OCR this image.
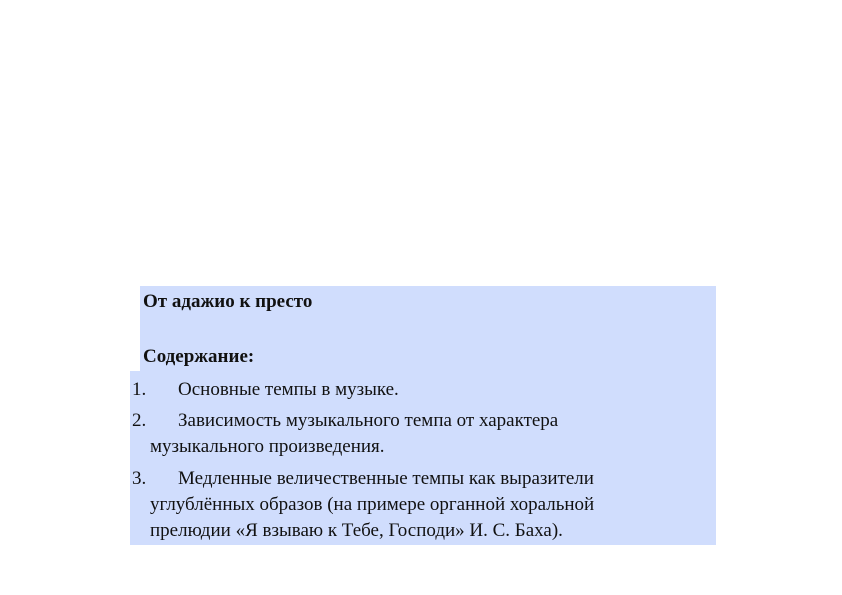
От адажио к престо
Содержание:
1.	Основные темпы в музыке.
2.	Зависимость музыкального темпа от характера
музыкального произведения.
3.	Медленные величественные темпы как выразители
углублённых образов (на примере органной хоральной
прелюдии «Я взываю к Тебе, Господи» И. С. Баха).
